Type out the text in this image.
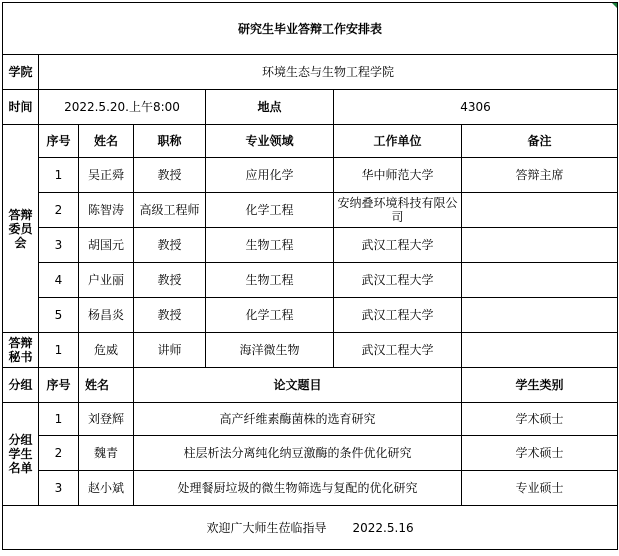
研究生毕业答辩工作安排表						
学院	环境生态与生物工程学院					
时间	2022.5.20.上午8:00			地点	4306	
答辩委员会	序号	姓名	职称	专业领域	工作单位	备注
	1	吴正舜	教授	应用化学	华中师范大学	答辩主席
	2	陈智涛	高级工程师	化学工程	安纳叠环境科技有限公司	
	3	胡国元	教授	生物工程	武汉工程大学	
	4	户业丽	教授	生物工程	武汉工程大学	
	5	杨昌炎	教授	化学工程	武汉工程大学	
答辩秘书	1	危威	讲师	海洋微生物	武汉工程大学	
分组	序号	姓名	论文题目			学生类别
分组学生名单	1	刘登辉	高产纤维素酶菌株的选育研究			学术硕士
	2	魏青	柱层析法分离纯化纳豆激酶的条件优化研究			学术硕士
	3	赵小斌	处理餐厨垃圾的微生物筛选与复配的优化研究			专业硕士
欢迎广大师生莅临指导 2022.5.16						
